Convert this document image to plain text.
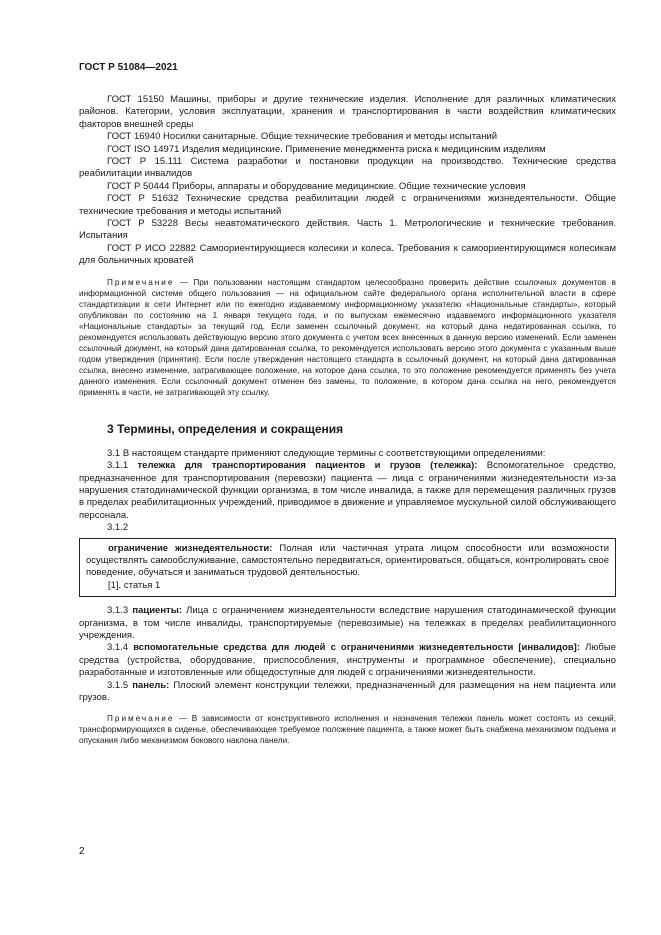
ГОСТ Р 51084—2021

ГОСТ 15150 Машины, приборы и другие технические изделия. Исполнение для различных климатических районов. Категории, условия эксплуатации, хранения и транспортирования в части воздействия климатических факторов внешней среды

ГОСТ 16940 Носилки санитарные. Общие технические требования и методы испытаний

ГОСТ ISO 14971 Изделия медицинские. Применение менеджмента риска к медицинским изделиям

ГОСТ Р 15.111 Система разработки и постановки продукции на производство. Технические средства реабилитации инвалидов

ГОСТ Р 50444 Приборы, аппараты и оборудование медицинские. Общие технические условия

ГОСТ Р 51632 Технические средства реабилитации людей с ограничениями жизнедеятельности. Общие технические требования и методы испытаний

ГОСТ Р 53228 Весы неавтоматического действия. Часть 1. Метрологические и технические требования. Испытания

ГОСТ Р ИСО 22882 Самоориентирующиеся колесики и колеса. Требования к самоориентирующимся колесикам для больничных кроватей

Примечание — При пользовании настоящим стандартом целесообразно проверить действие ссылочных документов в информационной системе общего пользования — на официальном сайте федерального органа исполнительной власти в сфере стандартизации в сети Интернет или по ежегодно издаваемому информационному указателю «Национальные стандарты», который опубликован по состоянию на 1 января текущего года, и по выпускам ежемесячно издаваемого информационного указателя «Национальные стандарты» за текущий год. Если заменен ссылочный документ, на который дана недатированная ссылка, то рекомендуется использовать действующую версию этого документа с учетом всех внесенных в данную версию изменений. Если заменен ссылочный документ, на который дана датированная ссылка, то рекомендуется использовать версию этого документа с указанным выше годом утверждения (принятия). Если после утверждения настоящего стандарта в ссылочный документ, на который дана датированная ссылка, внесено изменение, затрагивающее положение, на которое дана ссылка, то это положение рекомендуется применять без учета данного изменения. Если ссылочный документ отменен без замены, то положение, в котором дана ссылка на него, рекомендуется применять в части, не затрагивающей эту ссылку.

3 Термины, определения и сокращения

3.1 В настоящем стандарте применяют следующие термины с соответствующими определениями:

3.1.1 тележка для транспортирования пациентов и грузов (тележка): Вспомогательное средство, предназначенное для транспортирования (перевозки) пациента — лица с ограничениями жизнедеятельности из-за нарушения статодинамической функции организма, в том числе инвалида, а также для перемещения различных грузов в пределах реабилитационных учреждений, приводимое в движение и управляемое мускульной силой обслуживающего персонала.

3.1.2

ограничение жизнедеятельности: Полная или частичная утрата лицом способности или возможности осуществлять самообслуживание, самостоятельно передвигаться, ориентироваться, общаться, контролировать свое поведение, обучаться и заниматься трудовой деятельностью.

[1], статья 1

3.1.3 пациенты: Лица с ограничением жизнедеятельности вследствие нарушения статодинамической функции организма, в том числе инвалиды, транспортируемые (перевозимые) на тележках в пределах реабилитационного учреждения.

3.1.4 вспомогательные средства для людей с ограничениями жизнедеятельности [инвалидов]: Любые средства (устройства, оборудование, приспособления, инструменты и программное обеспечение), специально разработанные и изготовленные или общедоступные для людей с ограничениями жизнедеятельности.

3.1.5 панель: Плоский элемент конструкции тележки, предназначенный для размещения на нем пациента или грузов.

Примечание — В зависимости от конструктивного исполнения и назначения тележки панель может состоять из секций, трансформирующихся в сиденье, обеспечивающее требуемое положение пациента, а также может быть снабжена механизмом подъема и опускания либо механизмом бокового наклона панели.

2
